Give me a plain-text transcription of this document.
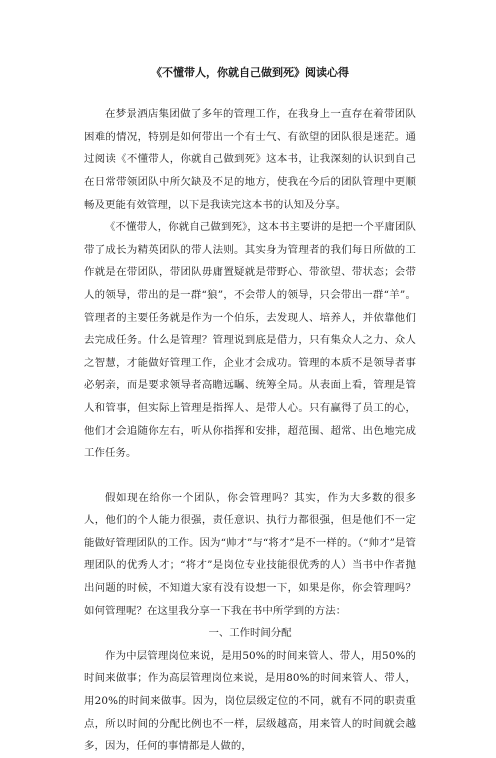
《不懂带人，你就自己做到死》阅读心得

在梦景酒店集团做了多年的管理工作，在我身上一直存在着带团队困难的情况，特别是如何带出一个有士气、有欲望的团队很是迷茫。通过阅读《不懂带人，你就自己做到死》这本书，让我深刻的认识到自己在日常带领团队中所欠缺及不足的地方，使我在今后的团队管理中更顺畅及更能有效管理，以下是我读完这本书的认知及分享。

《不懂带人，你就自己做到死》，这本书主要讲的是把一个平庸团队带了成长为精英团队的带人法则。其实身为管理者的我们每日所做的工作就是在带团队，带团队毋庸置疑就是带野心、带欲望、带状态；会带人的领导，带出的是一群“狼”，不会带人的领导，只会带出一群“羊”。管理者的主要任务就是作为一个伯乐，去发现人、培养人，并依靠他们去完成任务。什么是管理？管理说到底是借力，只有集众人之力、众人之智慧，才能做好管理工作，企业才会成功。管理的本质不是领导者事必躬亲，而是要求领导者高瞻远瞩、统筹全局。从表面上看，管理是管人和管事，但实际上管理是指挥人、是带人心。只有赢得了员工的心，他们才会追随你左右，听从你指挥和安排，超范围、超常、出色地完成工作任务。

假如现在给你一个团队，你会管理吗？其实，作为大多数的很多人，他们的个人能力很强，责任意识、执行力都很强，但是他们不一定能做好管理团队的工作。因为“帅才”与“将才”是不一样的。（“帅才”是管理团队的优秀人才；“将才”是岗位专业技能很优秀的人）当书中作者抛出问题的时候，不知道大家有没有设想一下，如果是你，你会管理吗？如何管理呢？在这里我分享一下我在书中所学到的方法：

一、工作时间分配

作为中层管理岗位来说，是用50%的时间来管人、带人，用50%的时间来做事；作为高层管理岗位来说，是用80%的时间来管人、带人，用20%的时间来做事。因为，岗位层级定位的不同，就有不同的职责重点，所以时间的分配比例也不一样，层级越高，用来管人的时间就会越多，因为，任何的事情都是人做的，
